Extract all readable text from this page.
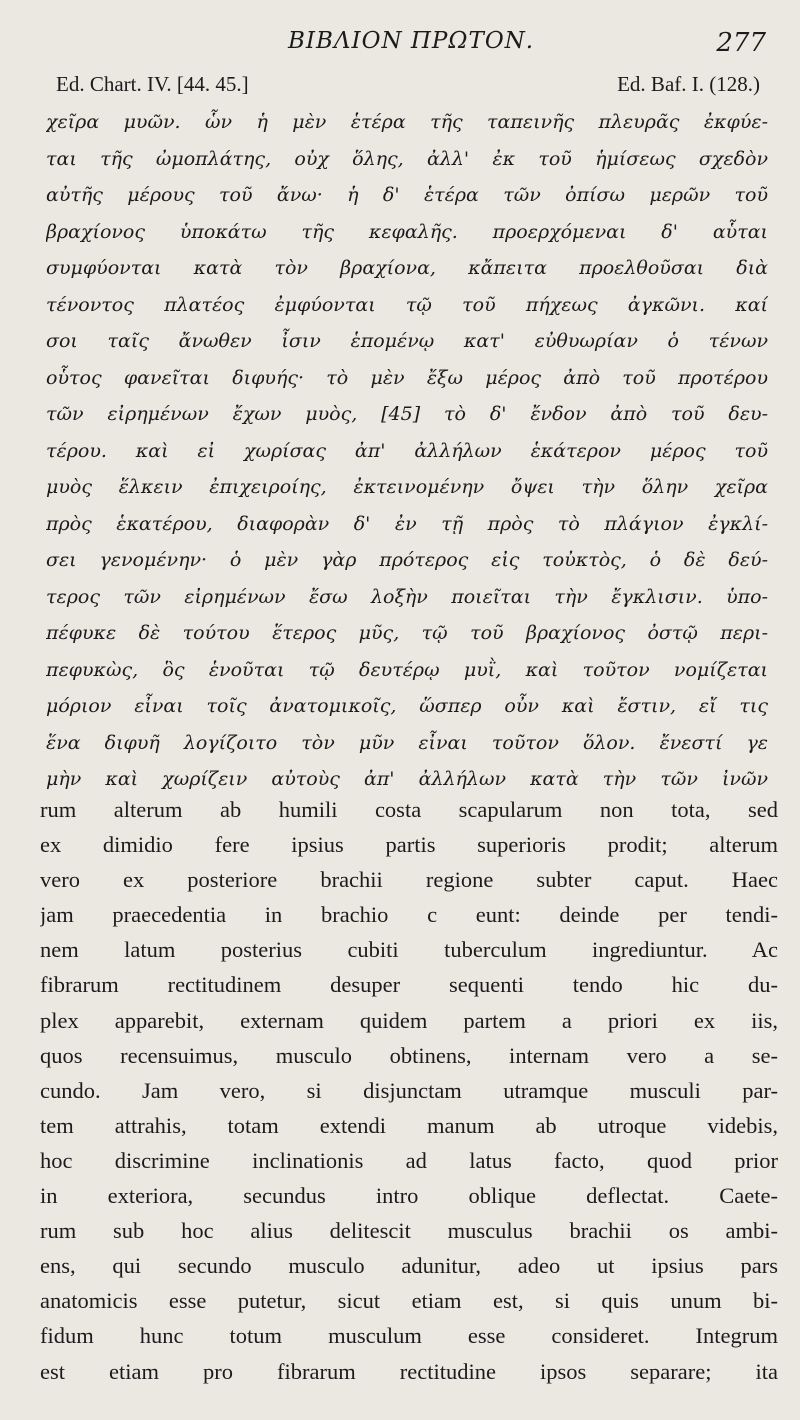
ΒΙΒΛΙΟΝ ΠΡΩΤΟΝ.	277
Ed. Chart. IV. [44. 45.]	Ed. Baf. I. (128.)
χεῖρα μυῶν. ὧν ἡ μὲν ἑτέρα τῆς ταπεινῆς πλευρᾶς ἐκφύε-
ται τῆς ὠμοπλάτης, οὐχ ὅλης, ἀλλ' ἐκ τοῦ ἡμίσεως σχεδὸν
αὐτῆς μέρους τοῦ ἄνω· ἡ δ' ἑτέρα τῶν ὀπίσω μερῶν τοῦ
βραχίονος ὑποκάτω τῆς κεφαλῆς. προερχόμεναι δ' αὗται
συμφύονται κατὰ τὸν βραχίονα, κἄπειτα προελθοῦσαι διὰ
τένοντος πλατέος ἐμφύονται τῷ τοῦ πήχεως ἀγκῶνι. καί
σοι ταῖς ἄνωθεν ἶσιν ἑπομένῳ κατ' εὐθυωρίαν ὁ τένων
οὗτος φανεῖται διφυής· τὸ μὲν ἔξω μέρος ἀπὸ τοῦ προτέρου
τῶν εἰρημένων ἔχων μυὸς, [45] τὸ δ' ἔνδον ἀπὸ τοῦ δευ-
τέρου. καὶ εἰ χωρίσας ἀπ' ἀλλήλων ἑκάτερον μέρος τοῦ
μυὸς ἕλκειν ἐπιχειροίης, ἐκτεινομένην ὄψει τὴν ὅλην χεῖρα
πρὸς ἑκατέρου, διαφορὰν δ' ἐν τῇ πρὸς τὸ πλάγιον ἐγκλί-
σει γενομένην· ὁ μὲν γὰρ πρότερος εἰς τοὐκτὸς, ὁ δὲ δεύ-
τερος τῶν εἰρημένων ἔσω λοξὴν ποιεῖται τὴν ἔγκλισιν. ὑπο-
πέφυκε δὲ τούτου ἕτερος μῦς, τῷ τοῦ βραχίονος ὀστῷ περι-
πεφυκὼς, ὃς ἑνοῦται τῷ δευτέρῳ μυῒ, καὶ τοῦτον νομίζεται
μόριον εἶναι τοῖς ἀνατομικοῖς, ὥσπερ οὖν καὶ ἔστιν, εἴ τις
ἕνα διφυῆ λογίζοιτο τὸν μῦν εἶναι τοῦτον ὅλον. ἔνεστί γε
μὴν καὶ χωρίζειν αὐτοὺς ἀπ' ἀλλήλων κατὰ τὴν τῶν ἰνῶν
rum alterum ab humili costa scapularum non tota, sed
ex dimidio fere ipsius partis superioris prodit; alterum
vero ex posteriore brachii regione subter caput. Haec
jam praecedentia in brachio c eunt: deinde per tendi-
nem latum posterius cubiti tuberculum ingrediuntur. Ac
fibrarum rectitudinem desuper sequenti tendo hic du-
plex apparebit, externam quidem partem a priori ex iis,
quos recensuimus, musculo obtinens, internam vero a se-
cundo. Jam vero, si disjunctam utramque musculi par-
tem attrahis, totam extendi manum ab utroque videbis,
hoc discrimine inclinationis ad latus facto, quod prior
in exteriora, secundus intro oblique deflectat. Caete-
rum sub hoc alius delitescit musculus brachii os ambi-
ens, qui secundo musculo adunitur, adeo ut ipsius pars
anatomicis esse putetur, sicut etiam est, si quis unum bi-
fidum hunc totum musculum esse consideret. Integrum
est etiam pro fibrarum rectitudine ipsos separare; ita
